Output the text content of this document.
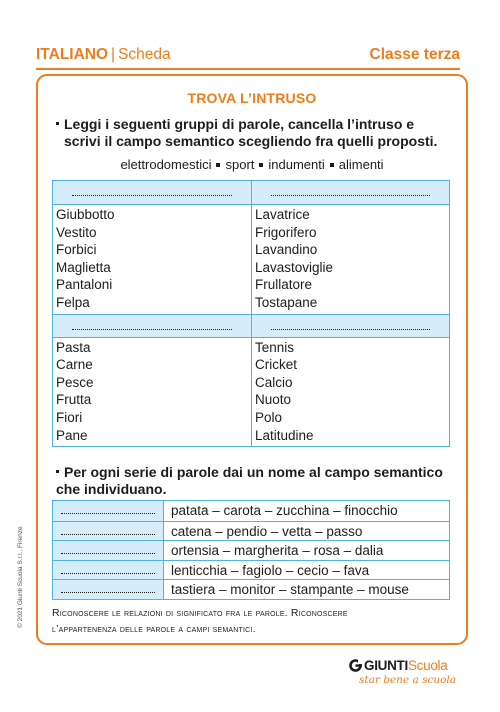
ITALIANO | Scheda	Classe terza
TROVA L’INTRUSO
Leggi i seguenti gruppi di parole, cancella l’intruso e
scrivi il campo semantico scegliendo fra quelli proposti.
elettrodomestici sport indumenti alimenti
Giubbotto
Vestito
Forbici
Maglietta
Pantaloni
Felpa
Lavatrice
Frigorifero
Lavandino
Lavastoviglie
Frullatore
Tostapane
Pasta
Carne
Pesce
Frutta
Fiori
Pane
Tennis
Cricket
Calcio
Nuoto
Polo
Latitudine
Per ogni serie di parole dai un nome al campo semantico
che individuano.
patata – carota – zucchina – finocchio
catena – pendio – vetta – passo
ortensia – margherita – rosa – dalia
lenticchia – fagiolo – cecio – fava
tastiera – monitor – stampante – mouse
Riconoscere le relazioni di significato fra le parole. Riconoscere
l’appartenenza delle parole a campi semantici.
© 2021 Giunti Scuola S.r.l., Firenze
GIUNTIScuola
star bene a scuola
